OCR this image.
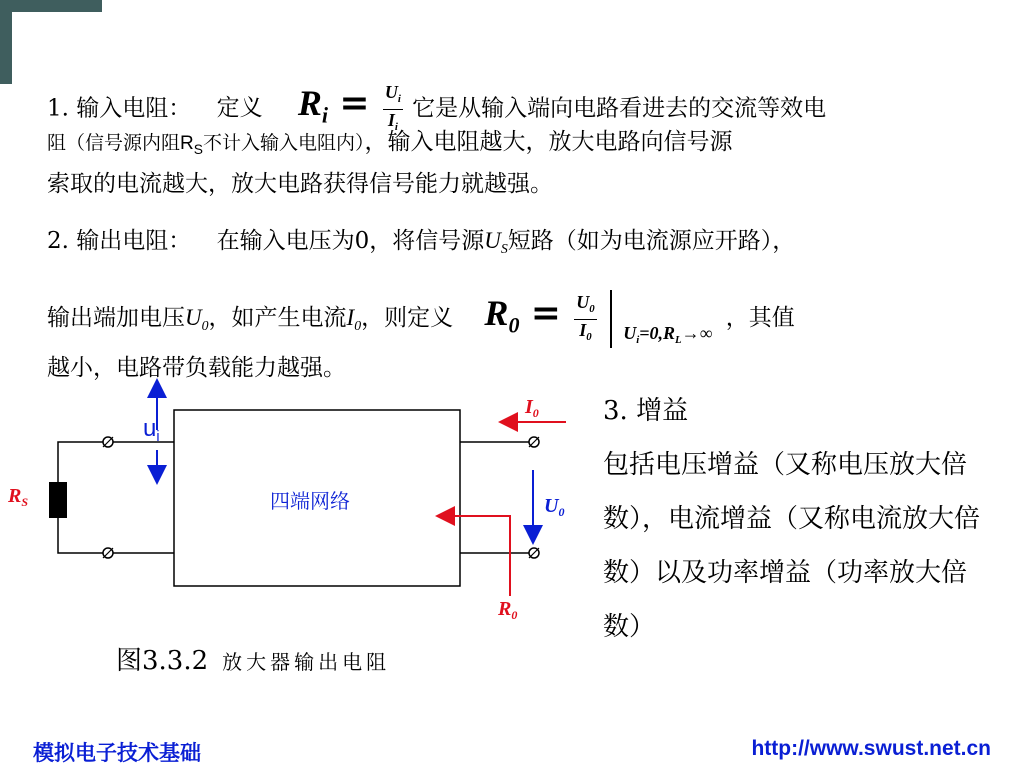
1. 输入电阻： 定义 $Ri = \frac{U_i}{I_i}$ 它是从输入端向电路看进去的交流等效电
阻（信号源内阻$R_S$不计入输入电阻内），输入电阻越大，放大电路向信号源
索取的电流越大，放大电路获得信号能力就越强。
2. 输出电阻： 在输入电压为0，将信号源$U_S$短路（如为电流源应开路），
输出端加电压$U_0$，如产生电流$I_0$，则定义 $R0 = \frac{U_0}{I_0} _{U_i=0,R_L\to\infty}$ ，其值
越小，电路带负载能力越强。
四端网络
$u_i$
$R_S$
$I_0$
$U_0$
$R_0$
图3.3.2 放大器输出电阻
3. 增益
包括电压增益（又称电压放大倍数），电流增益（又称电流放大倍数）以及功率增益（功率放大倍数）
模拟电子技术基础	http://www.swust.net.cn
